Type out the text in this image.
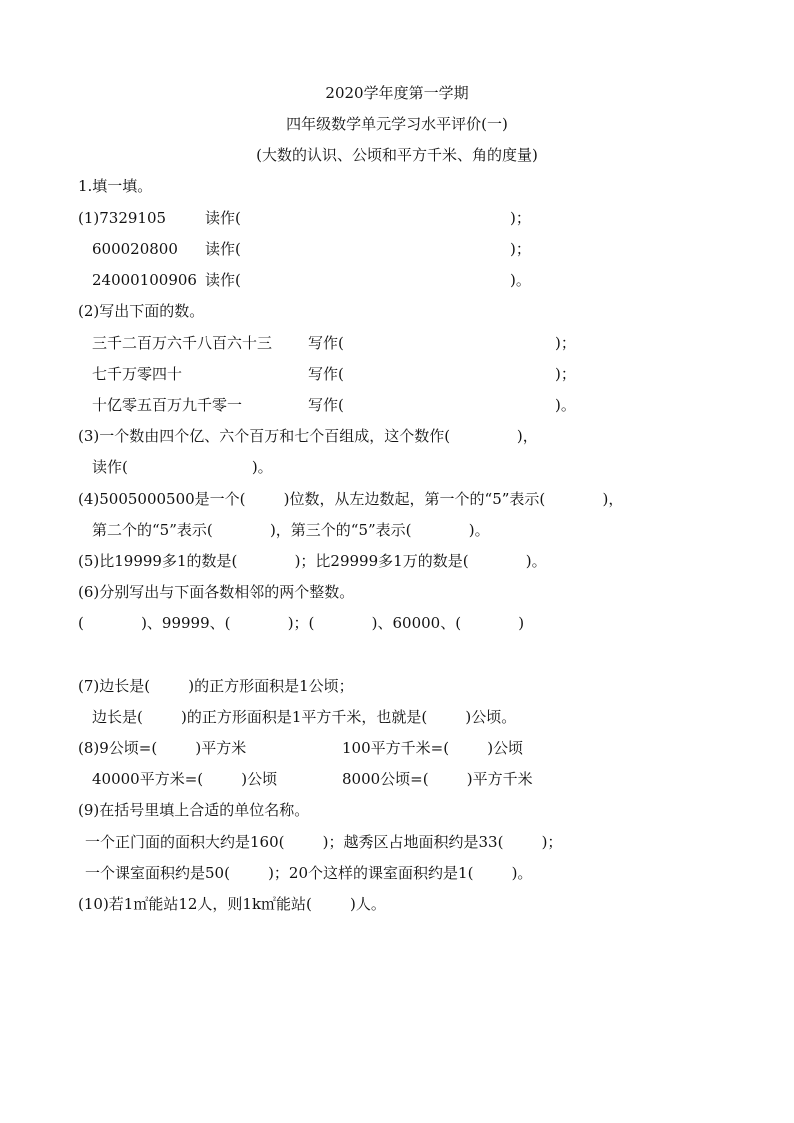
2020学年度第一学期
四年级数学单元学习水平评价(一)
(大数的认识、公顷和平方千米、角的度量)
1.填一填。
(1)7329105	读作(	)；
600020800 读作(	)；
24000100906 读作(	)。
(2)写出下面的数。
三千二百万六千八百六十三 写作(	)；
七千万零四十	写作(	)；
十亿零五百万九千零一	写作(	)。
(3)一个数由四个亿、六个百万和七个百组成，这个数作(              )，
读作(                          )。
(4)5005000500是一个(        )位数，从左边数起，第一个的“5”表示(            )，
第二个的“5”表示(            )，第三个的“5”表示(            )。
(5)比19999多1的数是(            )；比29999多1万的数是(            )。
(6)分别写出与下面各数相邻的两个整数。
(            )、99999、(            )；(            )、60000、(            )
(7)边长是(        )的正方形面积是1公顷；
边长是(        )的正方形面积是1平方千米，也就是(        )公顷。
(8)9公顷=(        )平方米	100平方千米=(        )公顷
40000平方米=(        )公顷	8000公顷=(        )平方千米
(9)在括号里填上合适的单位名称。
一个正门面的面积大约是160(        )；越秀区占地面积约是33(        )；
一个课室面积约是50(        )；20个这样的课室面积约是1(        )。
(10)若1㎡能站12人，则1k㎡能站(        )人。
